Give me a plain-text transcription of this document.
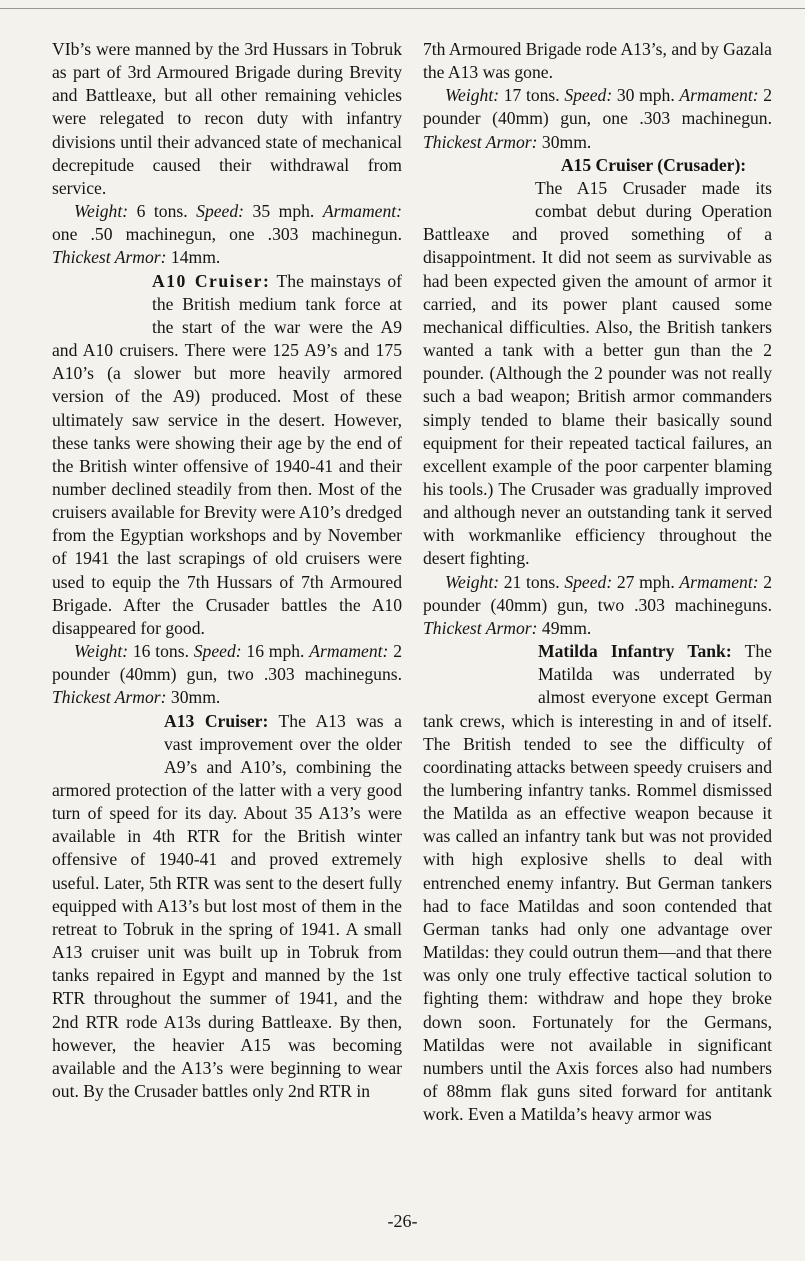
VIb’s were manned by the 3rd Hussars in Tobruk as part of 3rd Armoured Brigade during Brevity and Battleaxe, but all other remaining vehicles were relegated to recon duty with infantry divisions until their advanced state of mechanical decrepitude caused their withdrawal from service.

Weight: 6 tons. Speed: 35 mph. Armament: one .50 machinegun, one .303 machinegun. Thickest Armor: 14mm.

A10 Cruiser: The mainstays of the British medium tank force at the start of the war were the A9 and A10 cruisers. There were 125 A9’s and 175 A10’s (a slower but more heavily armored version of the A9) produced. Most of these ultimately saw service in the desert. However, these tanks were showing their age by the end of the British winter offensive of 1940-41 and their number declined steadily from then. Most of the cruisers available for Brevity were A10’s dredged from the Egyptian workshops and by November of 1941 the last scrapings of old cruisers were used to equip the 7th Hussars of 7th Armoured Brigade. After the Crusader battles the A10 disappeared for good.

Weight: 16 tons. Speed: 16 mph. Armament: 2 pounder (40mm) gun, two .303 machineguns. Thickest Armor: 30mm.

A13 Cruiser: The A13 was a vast improvement over the older A9’s and A10’s, combining the armored protection of the latter with a very good turn of speed for its day. About 35 A13’s were available in 4th RTR for the British winter offensive of 1940-41 and proved extremely useful. Later, 5th RTR was sent to the desert fully equipped with A13’s but lost most of them in the retreat to Tobruk in the spring of 1941. A small A13 cruiser unit was built up in Tobruk from tanks repaired in Egypt and manned by the 1st RTR throughout the summer of 1941, and the 2nd RTR rode A13s during Battleaxe. By then, however, the heavier A15 was becoming available and the A13’s were beginning to wear out. By the Crusader battles only 2nd RTR in

7th Armoured Brigade rode A13’s, and by Gazala the A13 was gone.

Weight: 17 tons. Speed: 30 mph. Armament: 2 pounder (40mm) gun, one .303 machinegun. Thickest Armor: 30mm.

A15 Cruiser (Crusader):

The A15 Crusader made its combat debut during Operation Battleaxe and proved something of a disappointment. It did not seem as survivable as had been expected given the amount of armor it carried, and its power plant caused some mechanical difficulties. Also, the British tankers wanted a tank with a better gun than the 2 pounder. (Although the 2 pounder was not really such a bad weapon; British armor commanders simply tended to blame their basically sound equipment for their repeated tactical failures, an excellent example of the poor carpenter blaming his tools.) The Crusader was gradually improved and although never an outstanding tank it served with workmanlike efficiency throughout the desert fighting.

Weight: 21 tons. Speed: 27 mph. Armament: 2 pounder (40mm) gun, two .303 machineguns. Thickest Armor: 49mm.

Matilda Infantry Tank: The Matilda was underrated by almost everyone except German tank crews, which is interesting in and of itself. The British tended to see the difficulty of coordinating attacks between speedy cruisers and the lumbering infantry tanks. Rommel dismissed the Matilda as an effective weapon because it was called an infantry tank but was not provided with high explosive shells to deal with entrenched enemy infantry. But German tankers had to face Matildas and soon contended that German tanks had only one advantage over Matildas: they could outrun them—and that there was only one truly effective tactical solution to fighting them: withdraw and hope they broke down soon. Fortunately for the Germans, Matildas were not available in significant numbers until the Axis forces also had numbers of 88mm flak guns sited forward for antitank work. Even a Matilda’s heavy armor was

-26-
